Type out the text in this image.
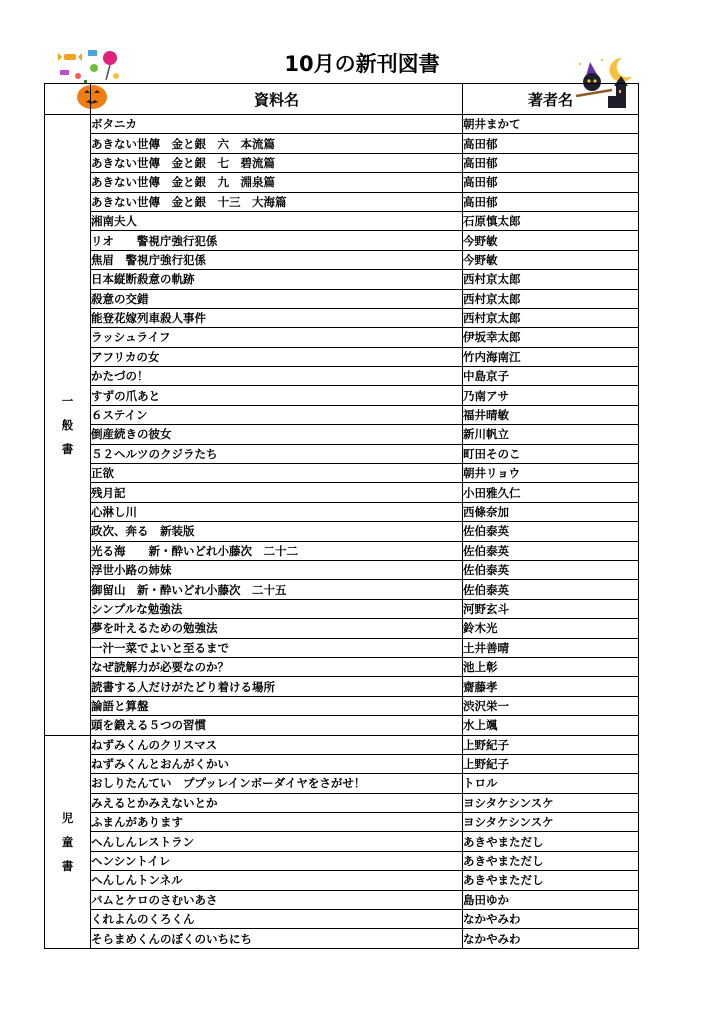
10月の新刊図書
	資料名	著者名

一
般
書	ボタニカ	朝井まかて
	あきない世傳　金と銀　六　本流篇	高田郁
	あきない世傳　金と銀　七　碧流篇	高田郁
	あきない世傳　金と銀　九　淵泉篇	高田郁
	あきない世傳　金と銀　十三　大海篇	高田郁
	湘南夫人	石原慎太郎
	リオ　　警視庁強行犯係	今野敏
	焦眉　警視庁強行犯係	今野敏
	日本縦断殺意の軌跡	西村京太郎
	殺意の交錯	西村京太郎
	能登花嫁列車殺人事件	西村京太郎
	ラッシュライフ	伊坂幸太郎
	アフリカの女	竹内海南江
	かたづの！	中島京子
	すずの爪あと	乃南アサ
	６ステイン	福井晴敏
	倒産続きの彼女	新川帆立
	５２ヘルツのクジラたち	町田そのこ
	正欲	朝井リョウ
	残月記	小田雅久仁
	心淋し川	西條奈加
	政次、奔る　新装版	佐伯泰英
	光る海　　新・酔いどれ小藤次　二十二	佐伯泰英
	浮世小路の姉妹	佐伯泰英
	御留山　新・酔いどれ小藤次　二十五	佐伯泰英
	シンプルな勉強法	河野玄斗
	夢を叶えるための勉強法	鈴木光
	一汁一菜でよいと至るまで	土井善晴
	なぜ読解力が必要なのか？	池上彰
	読書する人だけがたどり着ける場所	齋藤孝
	論語と算盤	渋沢栄一
	頭を鍛える５つの習慣	水上颯

児
童
書	ねずみくんのクリスマス	上野紀子
	ねずみくんとおんがくかい	上野紀子
	おしりたんてい　ププッレインボーダイヤをさがせ！	トロル
	みえるとかみえないとか	ヨシタケシンスケ
	ふまんがあります	ヨシタケシンスケ
	へんしんレストラン	あきやまただし
	ヘンシントイレ	あきやまただし
	へんしんトンネル	あきやまただし
	バムとケロのさむいあさ	島田ゆか
	くれよんのくろくん	なかやみわ
	そらまめくんのぼくのいちにち	なかやみわ
